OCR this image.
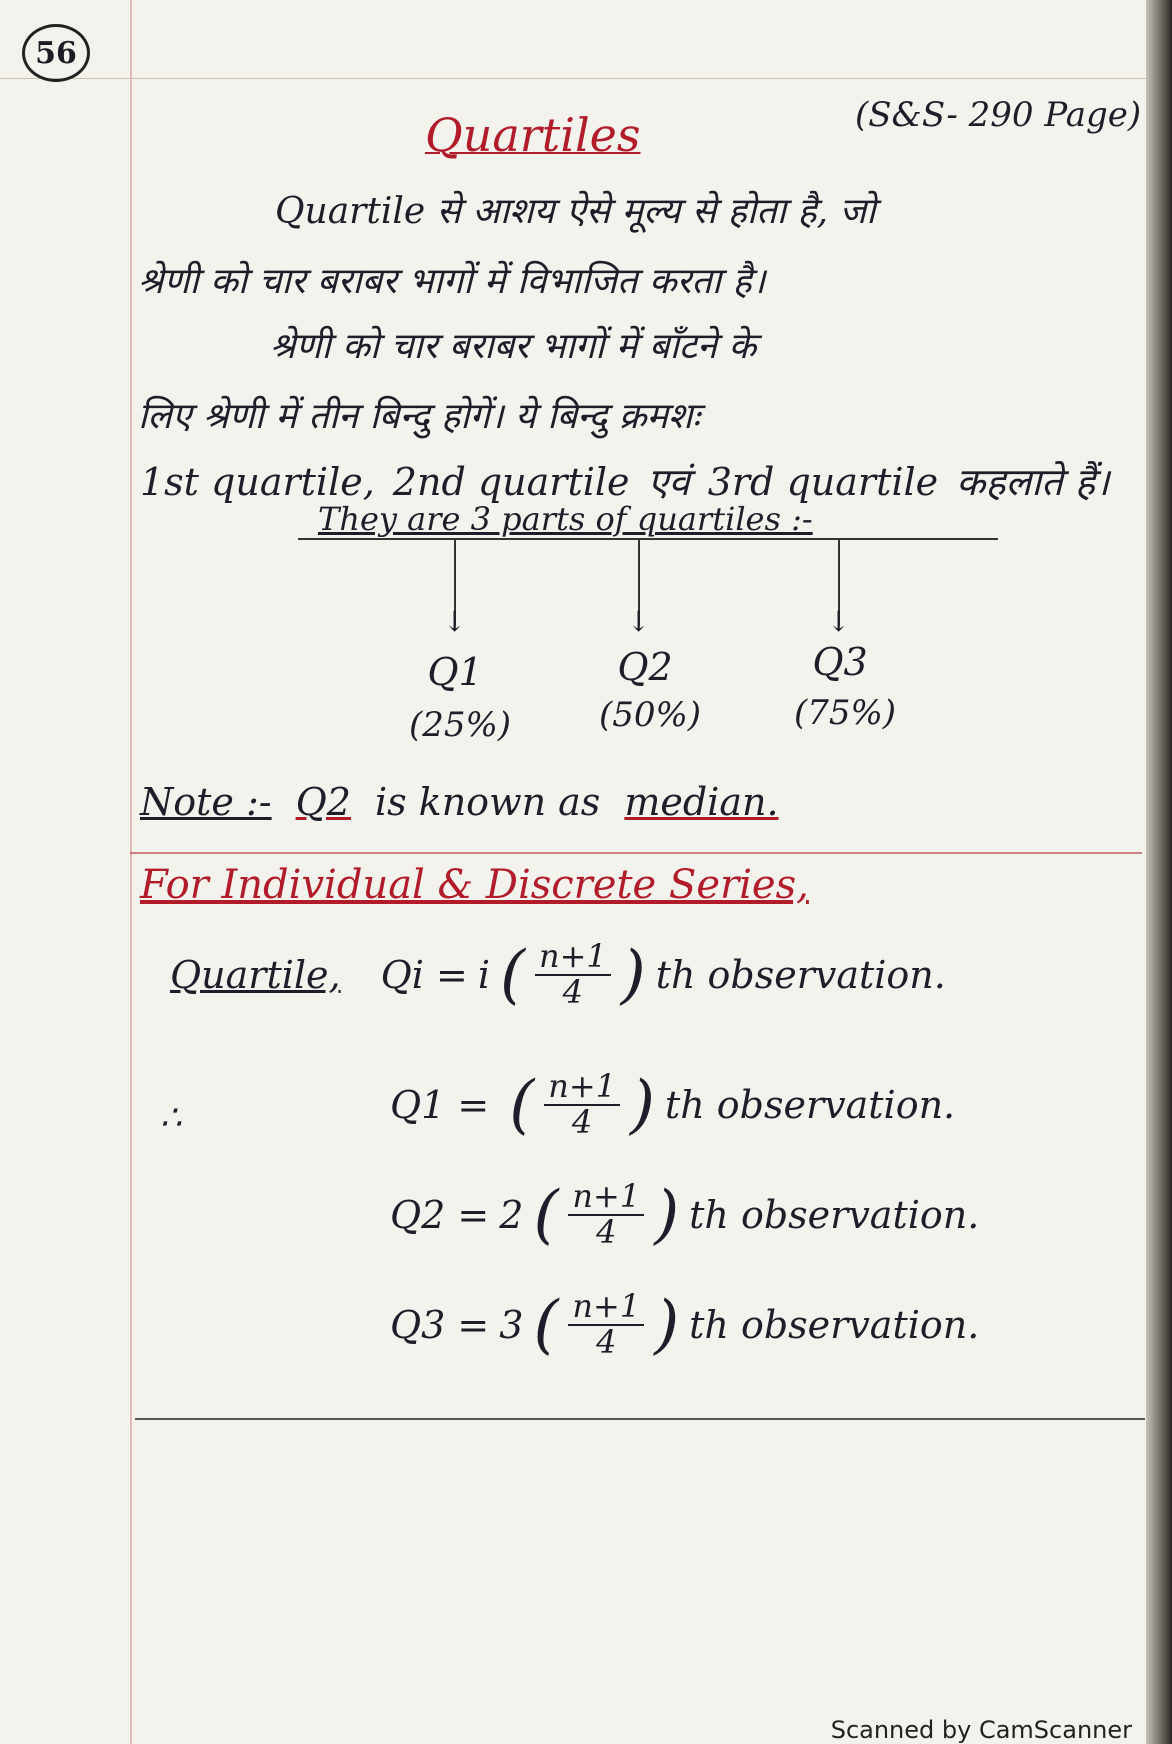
56
Quartiles	(S&S- 290 Page)
Quartile से आशय ऐसे मूल्य से होता है, जो
श्रेणी को चार बराबर भागों में विभाजित करता है।
श्रेणी को चार बराबर भागों में बाँटने के
लिए श्रेणी में तीन बिन्दु होगें। ये बिन्दु क्रमशः
1st quartile, 2nd quartile एवं 3rd quartile कहलाते हैं।
They are 3 parts of quartiles :-
↓	↓	↓
Q1
(25%)
Q2
(50%)
Q3
(75%)
Note :- Q2 is known as median.
For Individual & Discrete Series,
Quartile, Qi = i ( $\frac{n+1}{4}$ ) th observation.
∴	Q1 = ( $\frac{n+1}{4}$ ) th observation.
Q2 = 2 ( $\frac{n+1}{4}$ ) th observation.
Q3 = 3 ( $\frac{n+1}{4}$ ) th observation.
Scanned by CamScanner
